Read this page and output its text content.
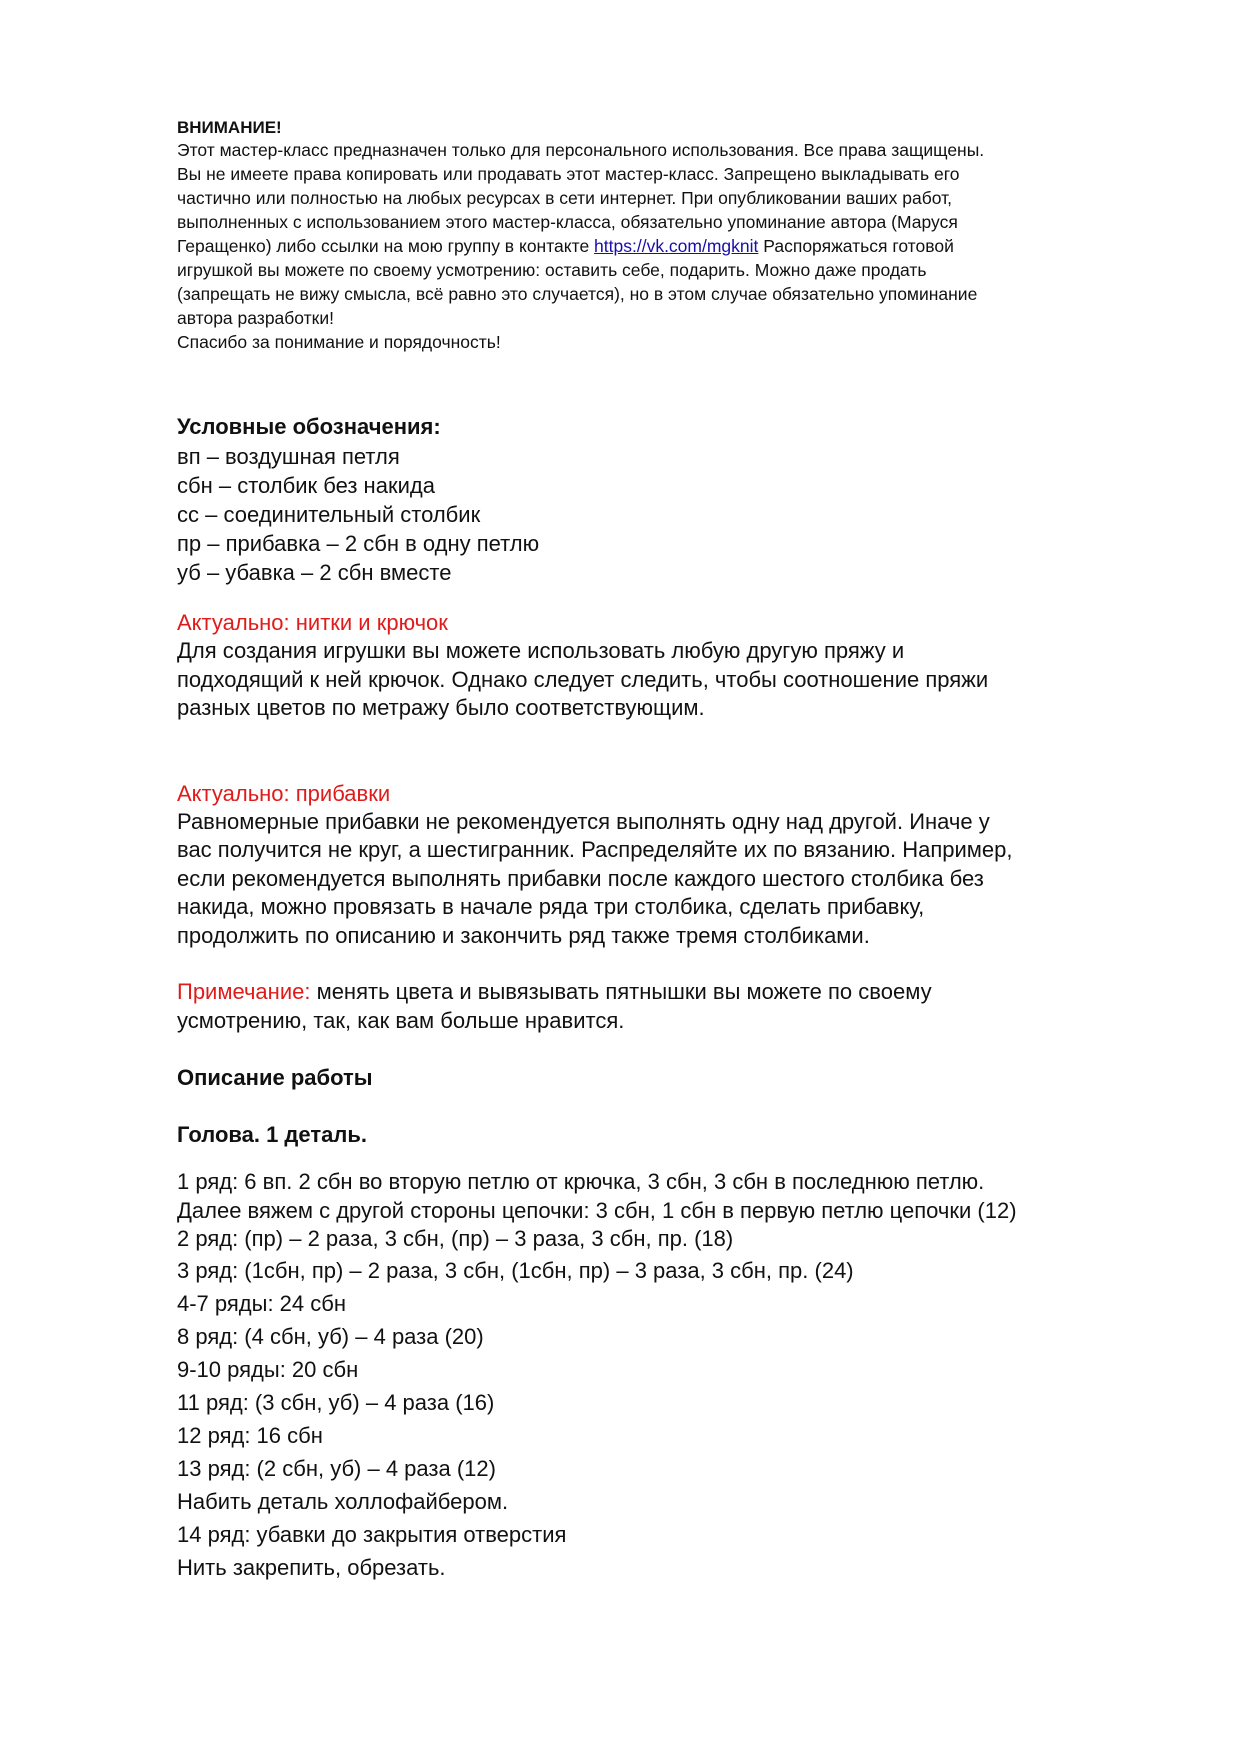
ВНИМАНИЕ!
Этот мастер-класс предназначен только для персонального использования. Все права защищены.
Вы не имеете права копировать или продавать этот мастер-класс. Запрещено выкладывать его
частично или полностью на любых ресурсах в сети интернет. При опубликовании ваших работ,
выполненных с использованием этого мастер-класса, обязательно упоминание автора (Маруся
Геращенко) либо ссылки на мою группу в контакте https://vk.com/mgknit Распоряжаться готовой
игрушкой вы можете по своему усмотрению: оставить себе, подарить. Можно даже продать
(запрещать не вижу смысла, всё равно это случается), но в этом случае обязательно упоминание
автора разработки!
Спасибо за понимание и порядочность!
Условные обозначения:
вп – воздушная петля
сбн – столбик без накида
сс – соединительный столбик
пр – прибавка – 2 сбн в одну петлю
уб – убавка – 2 сбн вместе
Актуально: нитки и крючок
Для создания игрушки вы можете использовать любую другую пряжу и
подходящий к ней крючок. Однако следует следить, чтобы соотношение пряжи
разных цветов по метражу было соответствующим.
Актуально: прибавки
Равномерные прибавки не рекомендуется выполнять одну над другой. Иначе у
вас получится не круг, а шестигранник. Распределяйте их по вязанию. Например,
если рекомендуется выполнять прибавки после каждого шестого столбика без
накида, можно провязать в начале ряда три столбика, сделать прибавку,
продолжить по описанию и закончить ряд также тремя столбиками.
Примечание: менять цвета и вывязывать пятнышки вы можете по своему
усмотрению, так, как вам больше нравится.
Описание работы
Голова. 1 деталь.
1 ряд: 6 вп. 2 сбн во вторую петлю от крючка, 3 сбн, 3 сбн в последнюю петлю.
Далее вяжем с другой стороны цепочки: 3 сбн, 1 сбн в первую петлю цепочки (12)
2 ряд: (пр) – 2 раза, 3 сбн, (пр) – 3 раза, 3 сбн, пр. (18)
3 ряд: (1сбн, пр) – 2 раза, 3 сбн, (1сбн, пр) – 3 раза, 3 сбн, пр. (24)
4-7 ряды: 24 сбн
8 ряд: (4 сбн, уб) – 4 раза (20)
9-10 ряды: 20 сбн
11 ряд: (3 сбн, уб) – 4 раза (16)
12 ряд: 16 сбн
13 ряд: (2 сбн, уб) – 4 раза (12)
Набить деталь холлофайбером.
14 ряд: убавки до закрытия отверстия
Нить закрепить, обрезать.
